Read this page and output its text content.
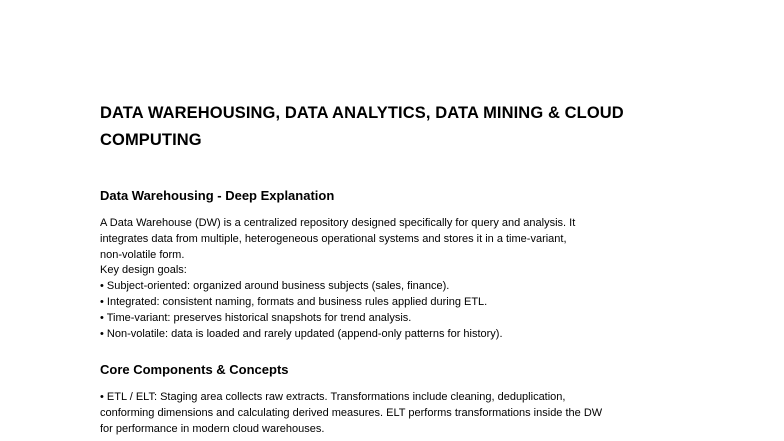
DATA WAREHOUSING, DATA ANALYTICS, DATA MINING & CLOUD COMPUTING
Data Warehousing - Deep Explanation
A Data Warehouse (DW) is a centralized repository designed specifically for query and analysis. It
integrates data from multiple, heterogeneous operational systems and stores it in a time-variant,
non-volatile form.
Key design goals:
• Subject-oriented: organized around business subjects (sales, finance).
• Integrated: consistent naming, formats and business rules applied during ETL.
• Time-variant: preserves historical snapshots for trend analysis.
• Non-volatile: data is loaded and rarely updated (append-only patterns for history).
Core Components & Concepts
• ETL / ELT: Staging area collects raw extracts. Transformations include cleaning, deduplication,
conforming dimensions and calculating derived measures. ELT performs transformations inside the DW
for performance in modern cloud warehouses.
